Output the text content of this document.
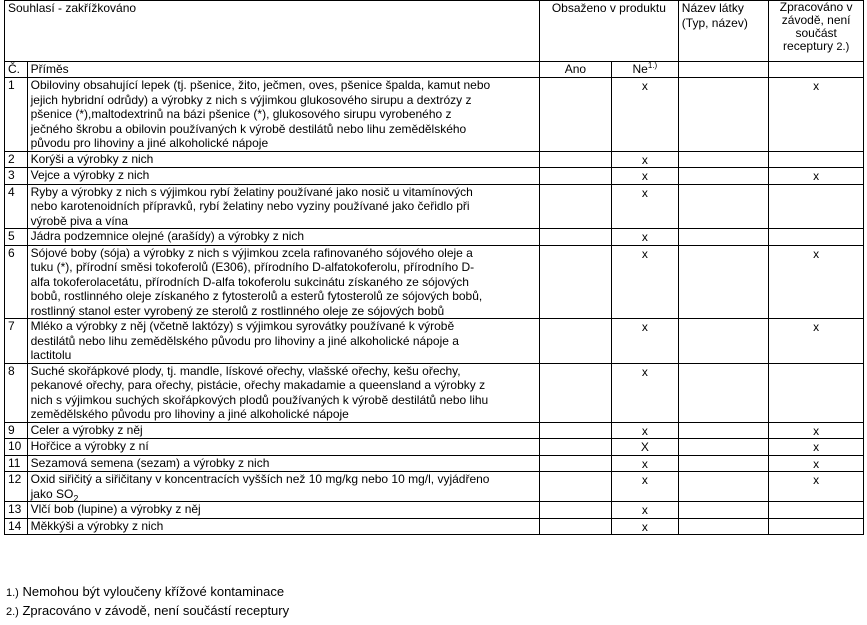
Souhlasí - zakřížkováno		Obsaženo v produktu		Název látky (Typ, název)	Zpracováno v závodě, není součást receptury 2.)
Č.	Příměs	Ano	$Ne^{1.)}$		
1	Obiloviny obsahující lepek (tj. pšenice, žito, ječmen, oves, pšenice špalda, kamut nebo
jejich hybridní odrůdy) a výrobky z nich s výjimkou glukosového sirupu a dextrózy z
pšenice (*),maltodextrinů na bázi pšenice (*), glukosového sirupu vyrobeného z
ječného škrobu a obilovin používaných k výrobě destilátů nebo lihu zemědělského
původu pro lihoviny a jiné alkoholické nápoje		x		x
2	Korýši a výrobky z nich		x		
3	Vejce a výrobky z nich		x		x
4	Ryby a výrobky z nich s výjimkou rybí želatiny používané jako nosič u vitamínových
nebo karotenoidních přípravků, rybí želatiny nebo vyziny používané jako čeřidlo při
výrobě piva a vína		x		
5	Jádra podzemnice olejné (arašídy) a výrobky z nich		x		
6	Sójové boby (sója) a výrobky z nich s výjimkou zcela rafinovaného sójového oleje a
tuku (*), přírodní směsi tokoferolů (E306), přírodního D-alfatokoferolu, přírodního D-
alfa tokoferolacetátu, přírodních D-alfa tokoferolu sukcinátu získaného ze sójových
bobů, rostlinného oleje získaného z fytosterolů a esterů fytosterolů ze sójových bobů,
rostlinný stanol ester vyrobený ze sterolů z rostlinného oleje ze sójových bobů		x		x
7	Mléko a výrobky z něj (včetně laktózy) s výjimkou syrovátky používané k výrobě
destilátů nebo lihu zemědělského původu pro lihoviny a jiné alkoholické nápoje a
lactitolu		x		x
8	Suché skořápkové plody, tj. mandle, lískové ořechy, vlašské ořechy, kešu ořechy,
pekanové ořechy, para ořechy, pistácie, ořechy makadamie a queensland a výrobky z
nich s výjimkou suchých skořápkových plodů používaných k výrobě destilátů nebo lihu
zemědělského původu pro lihoviny a jiné alkoholické nápoje		x		
9	Celer a výrobky z něj		x		x
10	Hořčice a výrobky z ní		X		x
11	Sezamová semena (sezam) a výrobky z nich		x		x
12	Oxid siřičitý a siřičitany v koncentracích vyšších než 10 mg/kg nebo 10 mg/l, vyjádřeno
jako $SO_2$		x		x
13	Vlčí bob (lupine) a výrobky z něj		x		
14	Měkkýši a výrobky z nich		x		
1.) Nemohou být vyloučeny křížové kontaminace
2.) Zpracováno v závodě, není součástí receptury
